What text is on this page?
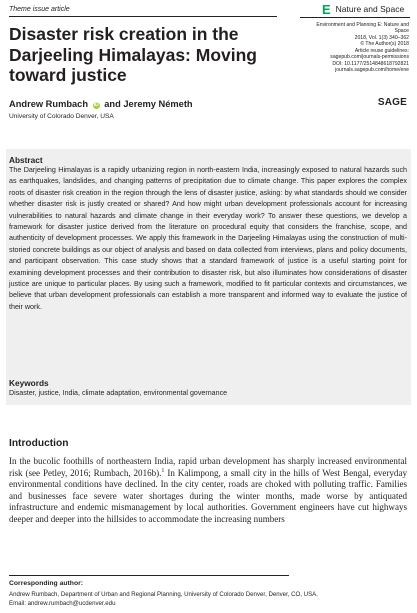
Theme issue article	E Nature and Space
Disaster risk creation in the Darjeeling Himalayas: Moving toward justice
Environment and Planning E: Nature and
Space
2018, Vol. 1(3) 340–362
© The Author(s) 2018
Article reuse guidelines:
sagepub.com/journals-permissions
DOI: 10.1177/2514848618792821
journals.sagepub.com/home/ene
SAGE
Andrew Rumbach iD and Jeremy Németh
University of Colorado Denver, USA
Abstract

The Darjeeling Himalayas is a rapidly urbanizing region in north-eastern India, increasingly exposed to natural hazards such as earthquakes, landslides, and changing patterns of precipitation due to climate change. This paper explores the complex roots of disaster risk creation in the region through the lens of disaster justice, asking: by what standards should we consider whether disaster risk is justly created or shared? And how might urban development professionals account for increasing vulnerabilities to natural hazards and climate change in their everyday work? To answer these questions, we develop a framework for disaster justice derived from the literature on procedural equity that considers the franchise, scope, and authenticity of development processes. We apply this framework in the Darjeeling Himalayas using the construction of multi-storied concrete buildings as our object of analysis and based on data collected from interviews, plans and policy documents, and participant observation. This case study shows that a standard framework of justice is a useful starting point for examining development processes and their contribution to disaster risk, but also illuminates how considerations of disaster justice are unique to particular places. By using such a framework, modified to fit particular contexts and circumstances, we believe that urban development professionals can establish a more transparent and informed way to evaluate the justice of their work.

Keywords
Disaster, justice, India, climate adaptation, environmental governance
Introduction

In the bucolic foothills of northeastern India, rapid urban development has sharply increased environmental risk (see Petley, 2016; Rumbach, 2016b).$^1$ In Kalimpong, a small city in the hills of West Bengal, everyday environmental conditions have declined. In the city center, roads are choked with polluting traffic. Families and businesses face severe water shortages during the winter months, made worse by antiquated infrastructure and endemic mismanagement by local authorities. Government engineers have cut highways deeper and deeper into the hillsides to accommodate the increasing numbers

Corresponding author:
Andrew Rumbach, Department of Urban and Regional Planning, University of Colorado Denver, Denver, CO, USA.
Email: andrew.rumbach@ucdenver.edu
